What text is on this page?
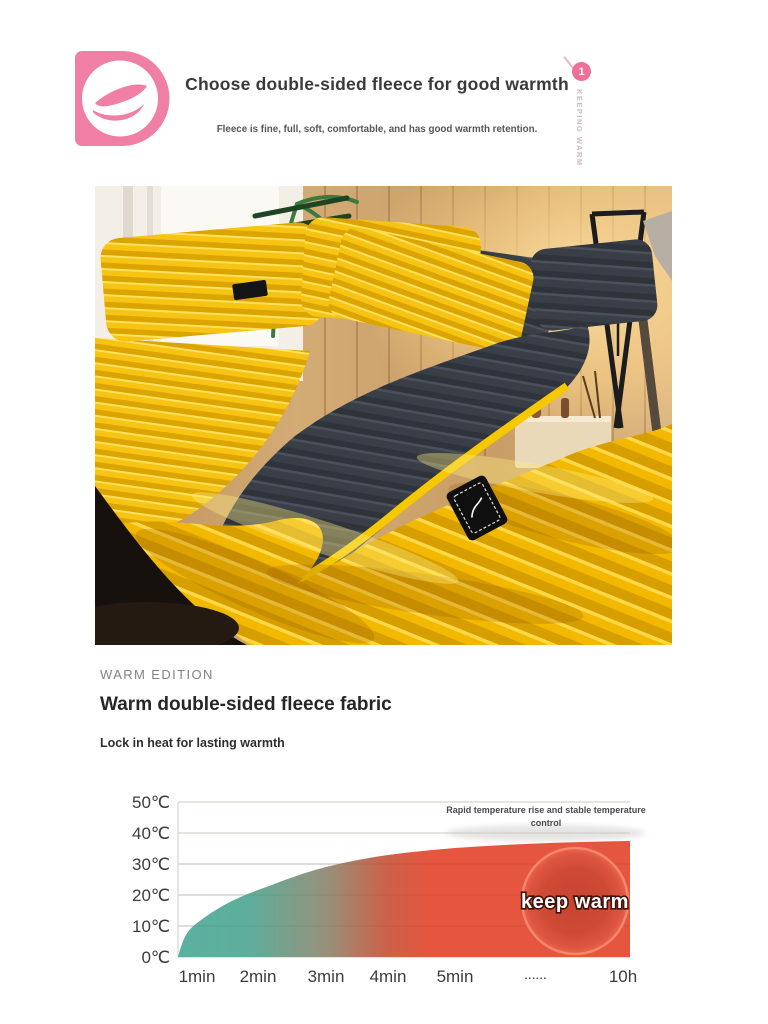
Choose double-sided fleece for good warmth
Fleece is fine, full, soft, comfortable, and has good warmth retention.
1
KEEPING WARM
WARM EDITION
Warm double-sided fleece fabric
Lock in heat for lasting warmth
keep warm
Rapid temperature rise and stable temperature
control
50℃
40℃
30℃
20℃
10℃
0℃
1min 2min 3min 4min 5min	......	10h
